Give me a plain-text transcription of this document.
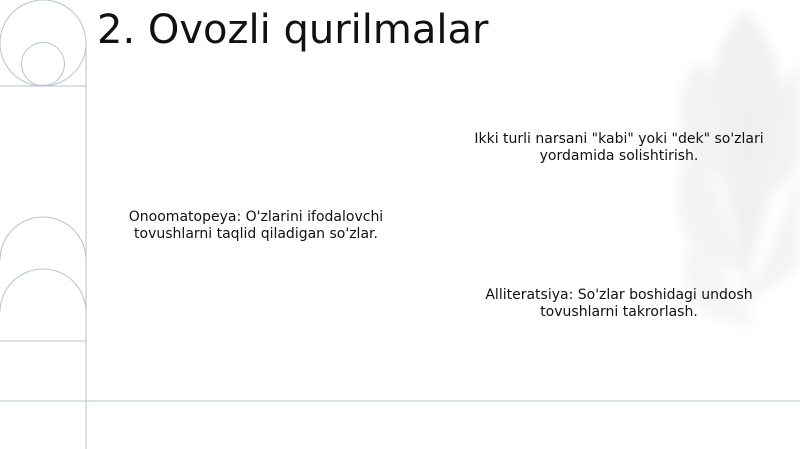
2. Ovozli qurilmalar
Onoomatopeya: O'zlarini ifodalovchi tovushlarni taqlid qiladigan so'zlar.
Ikki turli narsani "kabi" yoki "dek" so'zlari yordamida solishtirish.
Alliteratsiya: So'zlar boshidagi undosh tovushlarni takrorlash.
